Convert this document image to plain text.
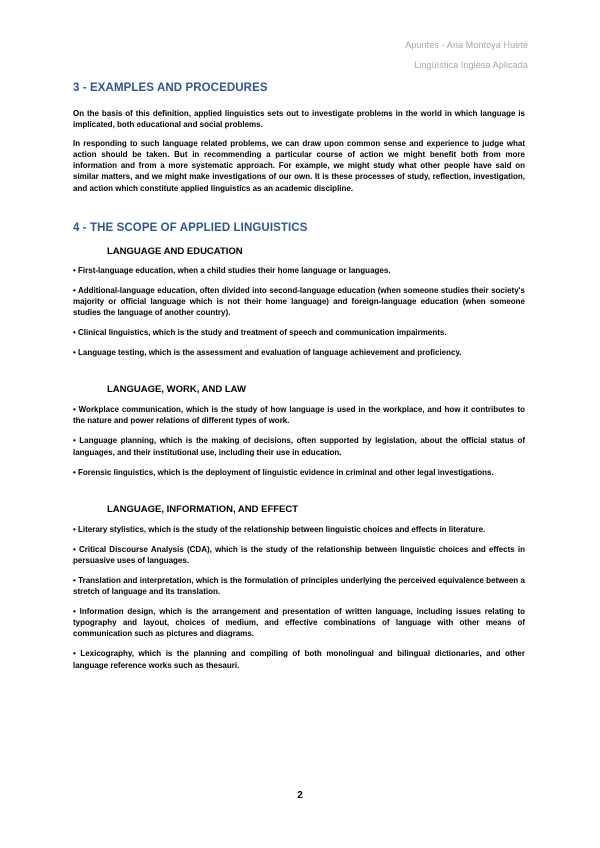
Apuntes - Ana Montoya Huete
Lingüística Inglesa Aplicada
3 - EXAMPLES AND PROCEDURES

On the basis of this definition, applied linguistics sets out to investigate problems in the world in which language is implicated, both educational and social problems.

In responding to such language related problems, we can draw upon common sense and experience to judge what action should be taken. But in recommending a particular course of action we might benefit both from more information and from a more systematic approach. For example, we might study what other people have said on similar matters, and we might make investigations of our own. It is these processes of study, reflection, investigation, and action which constitute applied linguistics as an academic discipline.

4 - THE SCOPE OF APPLIED LINGUISTICS
LANGUAGE AND EDUCATION

• First-language education, when a child studies their home language or languages.

• Additional-language education, often divided into second-language education (when someone studies their society's majority or official language which is not their home language) and foreign-language education (when someone studies the language of another country).

• Clinical linguistics, which is the study and treatment of speech and communication impairments.

• Language testing, which is the assessment and evaluation of language achievement and proficiency.

LANGUAGE, WORK, AND LAW

• Workplace communication, which is the study of how language is used in the workplace, and how it contributes to the nature and power relations of different types of work.

• Language planning, which is the making of decisions, often supported by legislation, about the official status of languages, and their institutional use, including their use in education.

• Forensic linguistics, which is the deployment of linguistic evidence in criminal and other legal investigations.

LANGUAGE, INFORMATION, AND EFFECT

• Literary stylistics, which is the study of the relationship between linguistic choices and effects in literature.

• Critical Discourse Analysis (CDA), which is the study of the relationship between linguistic choices and effects in persuasive uses of languages.

• Translation and interpretation, which is the formulation of principles underlying the perceived equivalence between a stretch of language and its translation.

• Information design, which is the arrangement and presentation of written language, including issues relating to typography and layout, choices of medium, and effective combinations of language with other means of communication such as pictures and diagrams.

• Lexicography, which is the planning and compiling of both monolingual and bilingual dictionaries, and other language reference works such as thesauri.

2
